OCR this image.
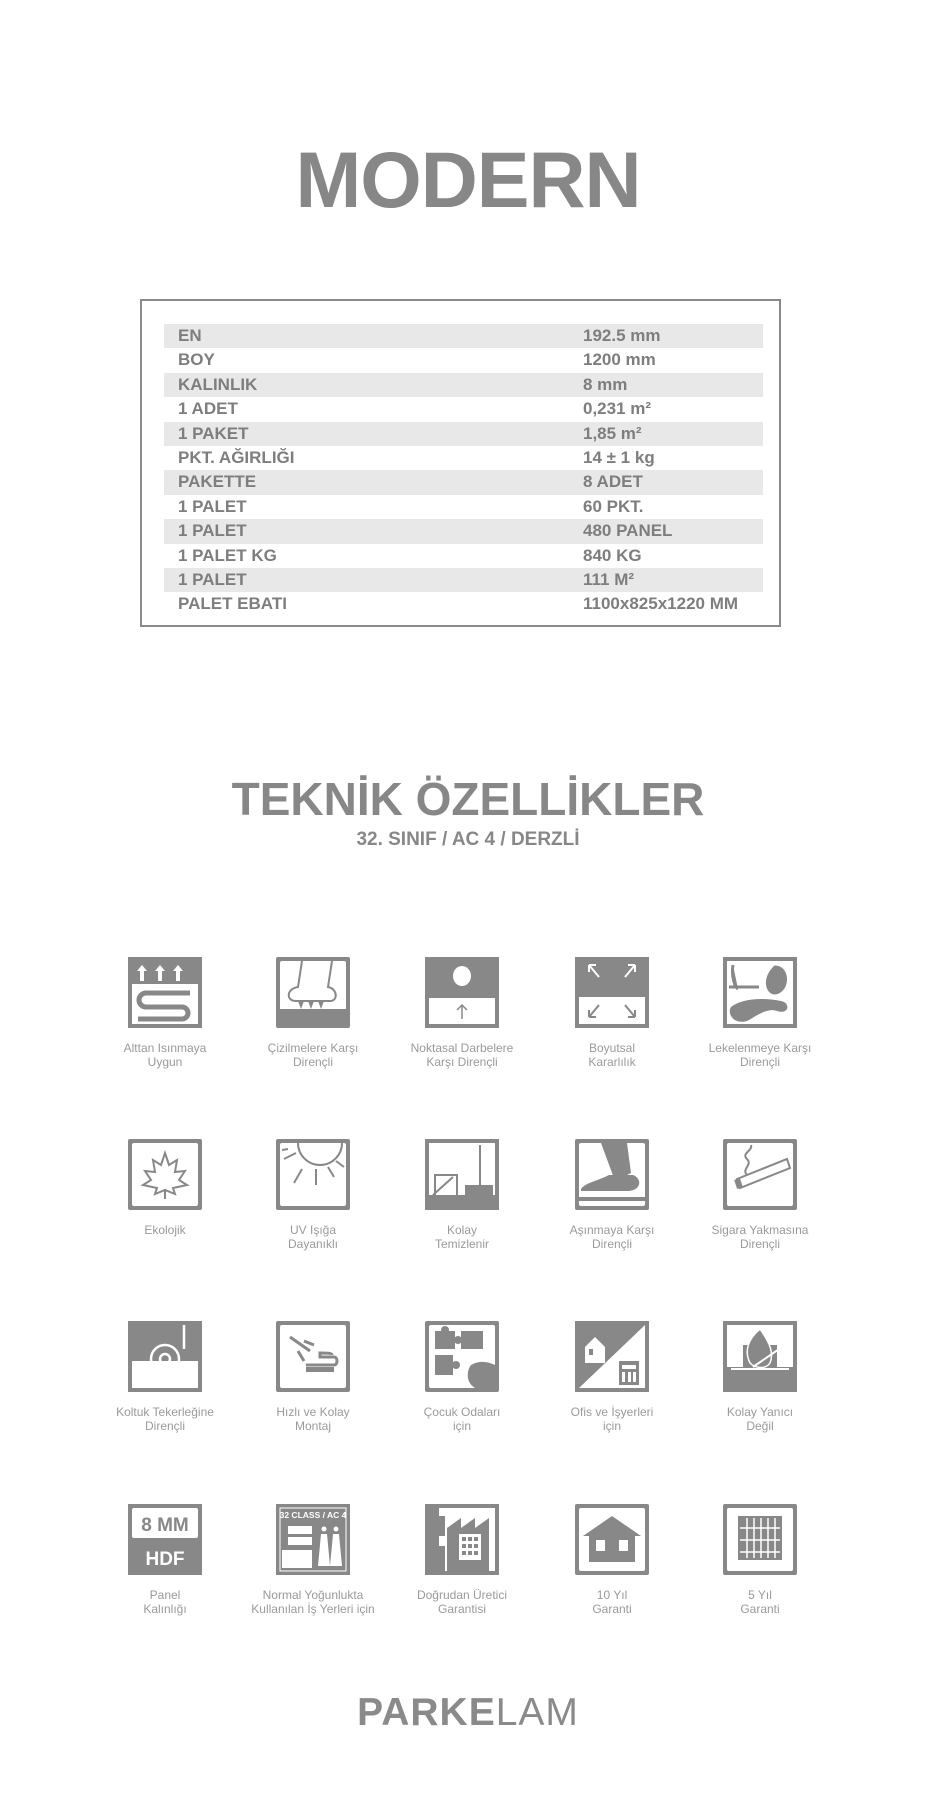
MODERN
EN	192.5 mm
BOY	1200 mm
KALINLIK	8 mm
1 ADET	0,231 m²
1 PAKET	1,85 m²
PKT. AĞIRLIĞI	14 ± 1 kg
PAKETTE	8 ADET
1 PALET	60 PKT.
1 PALET	480 PANEL
1 PALET KG	840 KG
1 PALET	111 M²
PALET EBATI	1100x825x1220 MM
TEKNİK ÖZELLİKLER
32. SINIF / AC 4 / DERZLİ
Alttan Isınmaya
Uygun
Çizilmelere Karşı
Dirençli
Noktasal Darbelere
Karşı Dirençli
Boyutsal
Kararlılık
Lekelenmeye Karşı
Dirençli
Ekolojik	UV Işığa
Dayanıklı
Kolay
Temizlenir
Aşınmaya Karşı
Dirençli
Sigara Yakmasına
Dirençli
Koltuk Tekerleğine
Dirençli
Hızlı ve Kolay
Montaj
Çocuk Odaları
için
Ofis ve İşyerleri
için
Kolay Yanıcı
Değil
8 MM
HDF
Panel
Kalınlığı
32 CLASS / AC 4
Normal Yoğunlukta
Kullanılan İş Yerleri için
Doğrudan Üretici
Garantisi
10 Yıl
Garanti
5 Yıl
Garanti
PARKELAM
